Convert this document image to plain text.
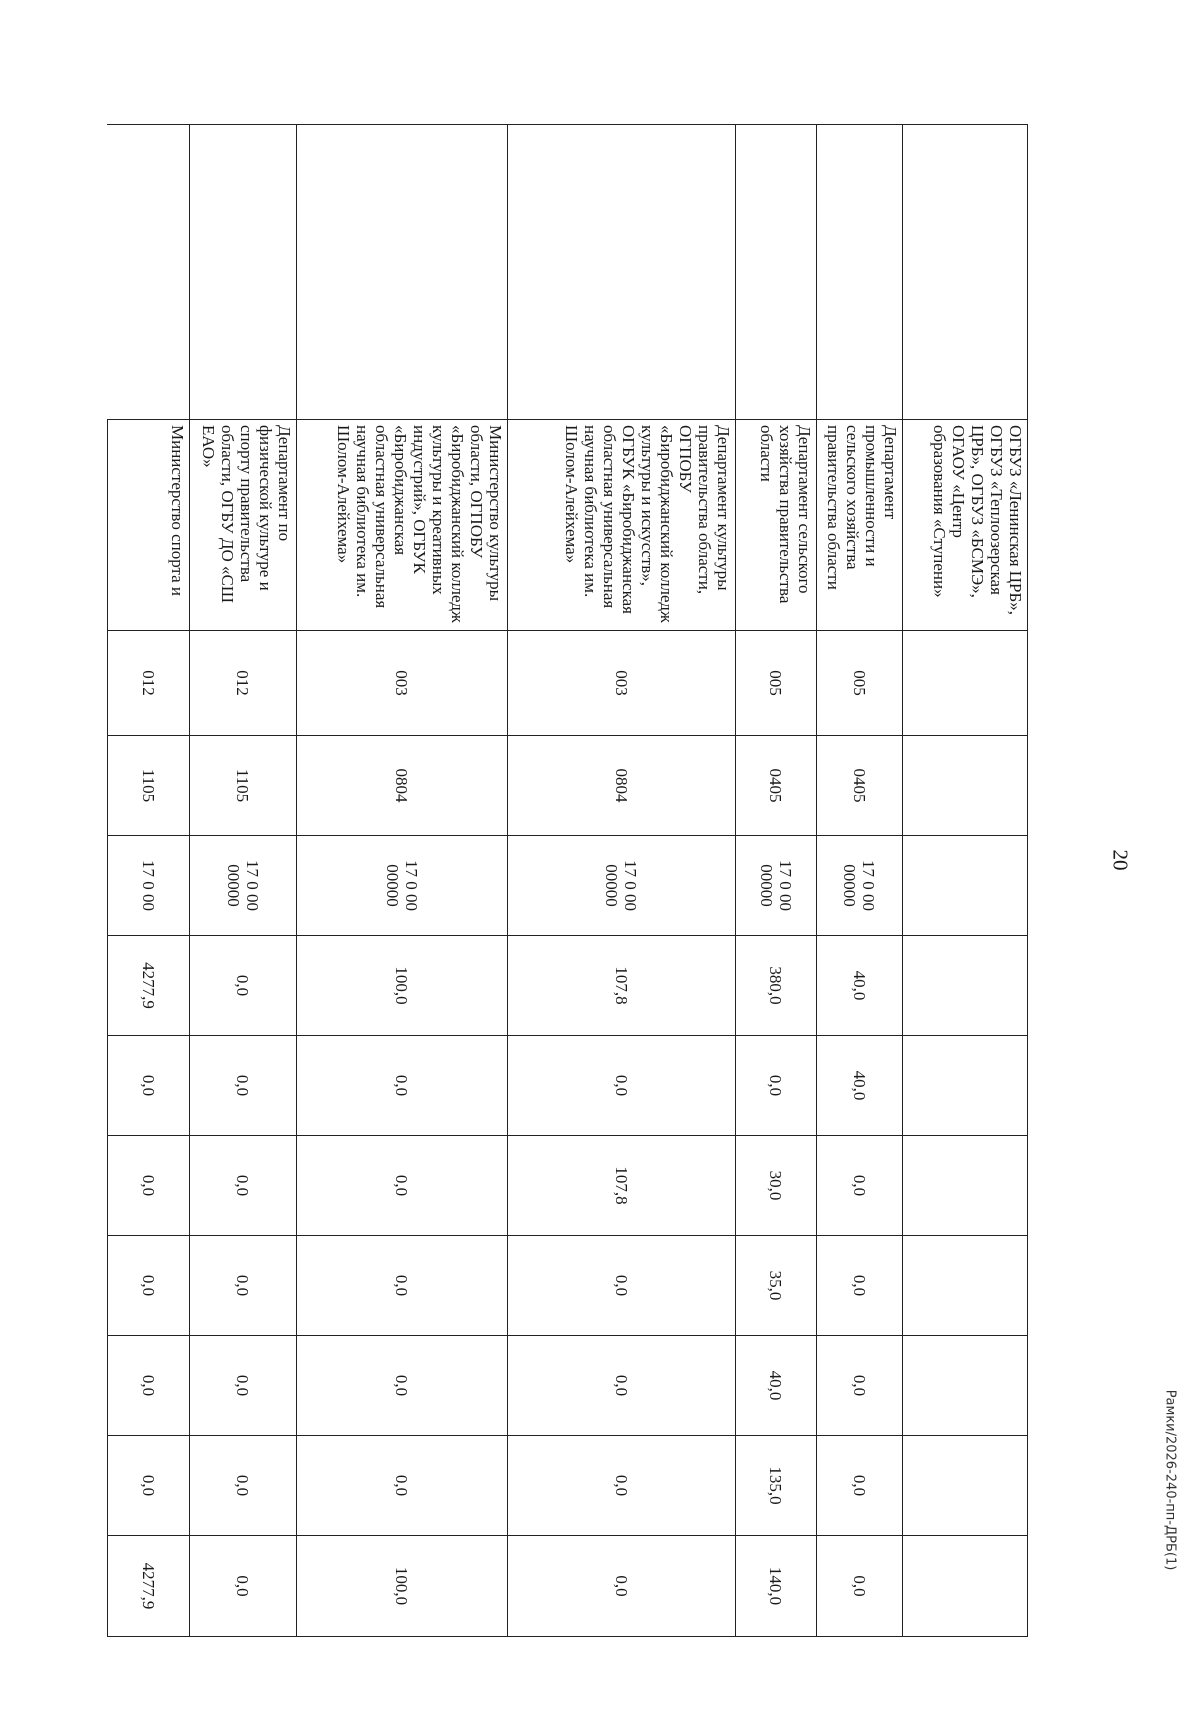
20
Рамки/2026-240-пп-ДРБ(1)
	ОГБУЗ «Ленинская ЦРБ», ОГБУЗ «Теплоозерская ЦРБ», ОГБУЗ «БСМЭ», ОГАОУ «Центр образования «Ступени»										
	Департамент промышленности и сельского хозяйства правительства области	005	0405	17 0 00 00000	40,0	40,0	0,0	0,0	0,0	0,0	0,0
	Департамент сельского хозяйства правительства области	005	0405	17 0 00 00000	380,0	0,0	30,0	35,0	40,0	135,0	140,0
	Департамент культуры правительства области, ОГПОБУ «Биробиджанский колледж культуры и искусств», ОГБУК «Биробиджанская областная универсальная научная библиотека им. Шолом-Алейхема»	003	0804	17 0 00 00000	107,8	0,0	107,8	0,0	0,0	0,0	0,0
	Министерство культуры области, ОГПОБУ «Биробиджанский колледж культуры и креативных индустрий», ОГБУК «Биробиджанская областная универсальная научная библиотека им. Шолом-Алейхема»	003	0804	17 0 00 00000	100,0	0,0	0,0	0,0	0,0	0,0	100,0
	Департамент по физической культуре и спорту правительства области, ОГБУ ДО «СШ ЕАО»	012	1105	17 0 00 00000	0,0	0,0	0,0	0,0	0,0	0,0	0,0
	Министерство спорта и	012	1105	17 0 00	4277,9	0,0	0,0	0,0	0,0	0,0	4277,9
